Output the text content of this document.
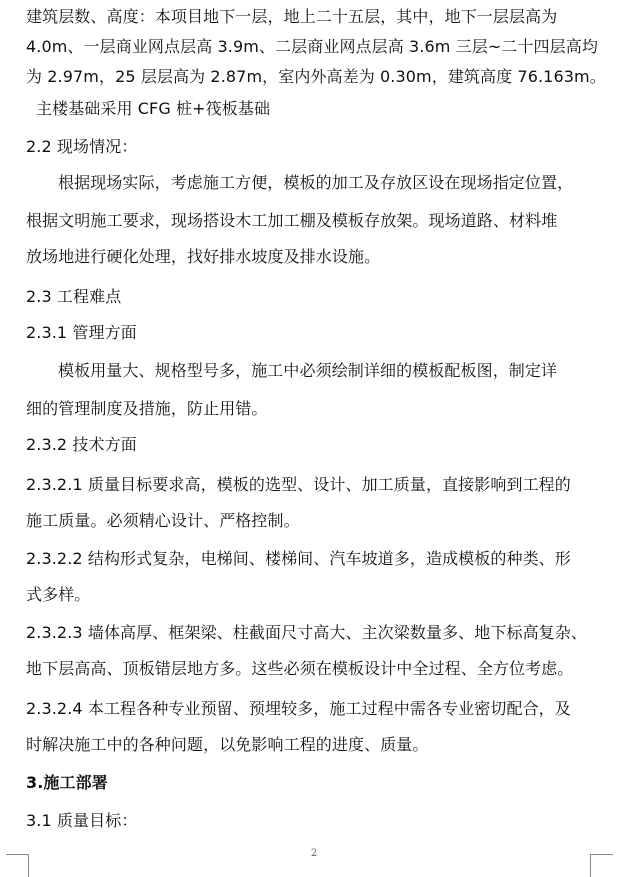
建筑层数、高度：本项目地下一层，地上二十五层，其中，地下一层层高为
4.0m、一层商业网点层高 3.9m、二层商业网点层高 3.6m 三层~二十四层高均
为 2.97m，25 层层高为 2.87m，室内外高差为 0.30m，建筑高度 76.163m。
主楼基础采用 CFG 桩+筏板基础
2.2 现场情况：
根据现场实际，考虑施工方便，模板的加工及存放区设在现场指定位置，
根据文明施工要求，现场搭设木工加工棚及模板存放架。现场道路、材料堆
放场地进行硬化处理，找好排水坡度及排水设施。
2.3 工程难点
2.3.1 管理方面
模板用量大、规格型号多，施工中必须绘制详细的模板配板图，制定详
细的管理制度及措施，防止用错。
2.3.2 技术方面
2.3.2.1 质量目标要求高，模板的选型、设计、加工质量，直接影响到工程的
施工质量。必须精心设计、严格控制。
2.3.2.2 结构形式复杂，电梯间、楼梯间、汽车坡道多，造成模板的种类、形
式多样。
2.3.2.3 墙体高厚、框架梁、柱截面尺寸高大、主次梁数量多、地下标高复杂、
地下层高高、顶板错层地方多。这些必须在模板设计中全过程、全方位考虑。
2.3.2.4 本工程各种专业预留、预埋较多，施工过程中需各专业密切配合，及
时解决施工中的各种问题，以免影响工程的进度、质量。
3.施工部署
3.1 质量目标：
2
